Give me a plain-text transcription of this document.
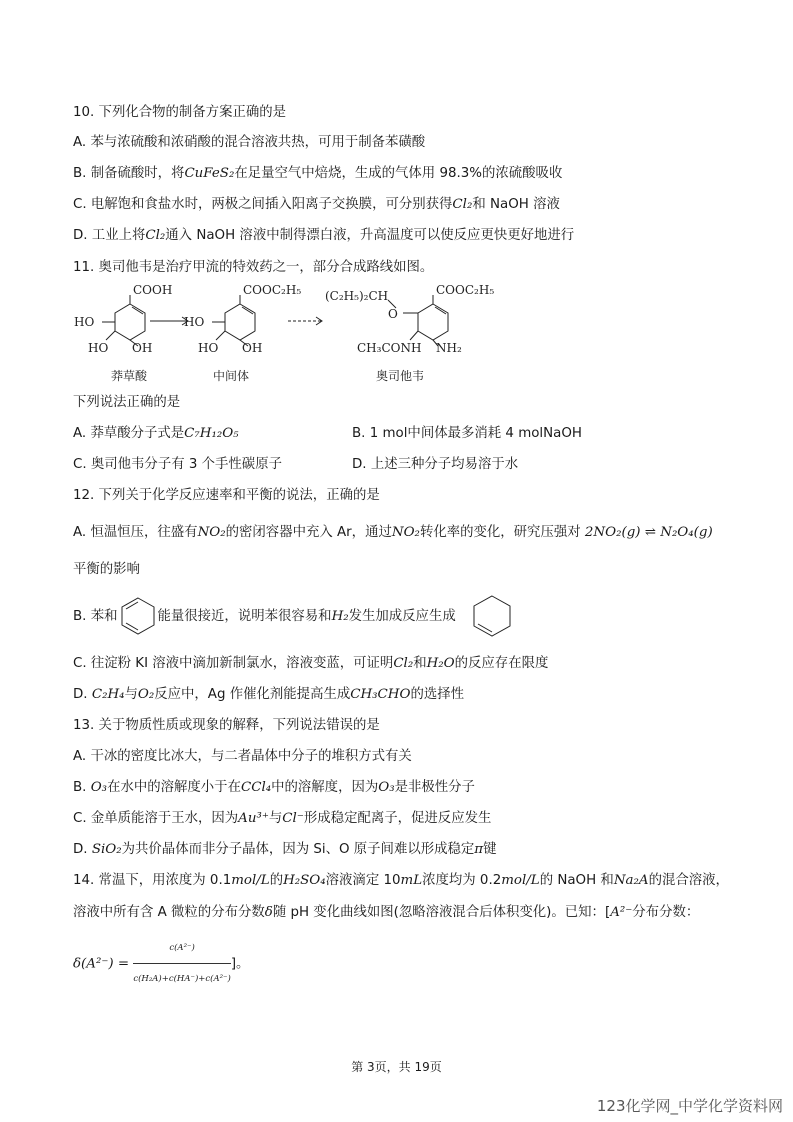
10. 下列化合物的制备方案正确的是
A. 苯与浓硫酸和浓硝酸的混合溶液共热，可用于制备苯磺酸
B. 制备硫酸时，将CuFeS₂在足量空气中焙烧，生成的气体用 98.3%的浓硫酸吸收
C. 电解饱和食盐水时，两极之间插入阳离子交换膜，可分别获得Cl₂和 NaOH 溶液
D. 工业上将Cl₂通入 NaOH 溶液中制得漂白液，升高温度可以使反应更快更好地进行
11. 奥司他韦是治疗甲流的特效药之一，部分合成路线如图。
COOH
HO
HO OH
莽草酸
COOC₂H₅
HO
HO OH
中间体
COOC₂H₅
(C₂H₅)₂CH
O
CH₃CONH NH₂
奥司他韦
下列说法正确的是
A. 莽草酸分子式是C₇H₁₂O₅	B. 1 mol中间体最多消耗 4 molNaOH
C. 奥司他韦分子有 3 个手性碳原子	D. 上述三种分子均易溶于水
12. 下列关于化学反应速率和平衡的说法，正确的是
A. 恒温恒压，往盛有NO₂的密闭容器中充入 Ar，通过NO₂转化率的变化，研究压强对 2NO₂(g) ⇌ N₂O₄(g)
平衡的影响
B. 苯和	能量很接近，说明苯很容易和H₂发生加成反应生成
C. 往淀粉 KI 溶液中滴加新制氯水，溶液变蓝，可证明Cl₂和H₂O的反应存在限度
D. C₂H₄与O₂反应中，Ag 作催化剂能提高生成CH₃CHO的选择性
13. 关于物质性质或现象的解释，下列说法错误的是
A. 干冰的密度比冰大，与二者晶体中分子的堆积方式有关
B. O₃在水中的溶解度小于在CCl₄中的溶解度，因为O₃是非极性分子
C. 金单质能溶于王水，因为Au³⁺与Cl⁻形成稳定配离子，促进反应发生
D. SiO₂为共价晶体而非分子晶体，因为 Si、O 原子间难以形成稳定π键
14. 常温下，用浓度为 0.1mol/L的H₂SO₄溶液滴定 10mL浓度均为 0.2mol/L的 NaOH 和Na₂A的混合溶液，
溶液中所有含 A 微粒的分布分数δ随 pH 变化曲线如图(忽略溶液混合后体积变化)。已知：[A²⁻分布分数：
$\delta(A^{2-}) = \frac{\text{c(A²⁻)}}{\text{c(H₂A)+c(HA⁻)+c(A²⁻)}}$ ]。
第 3页，共 19页
123化学网_中学化学资料网
